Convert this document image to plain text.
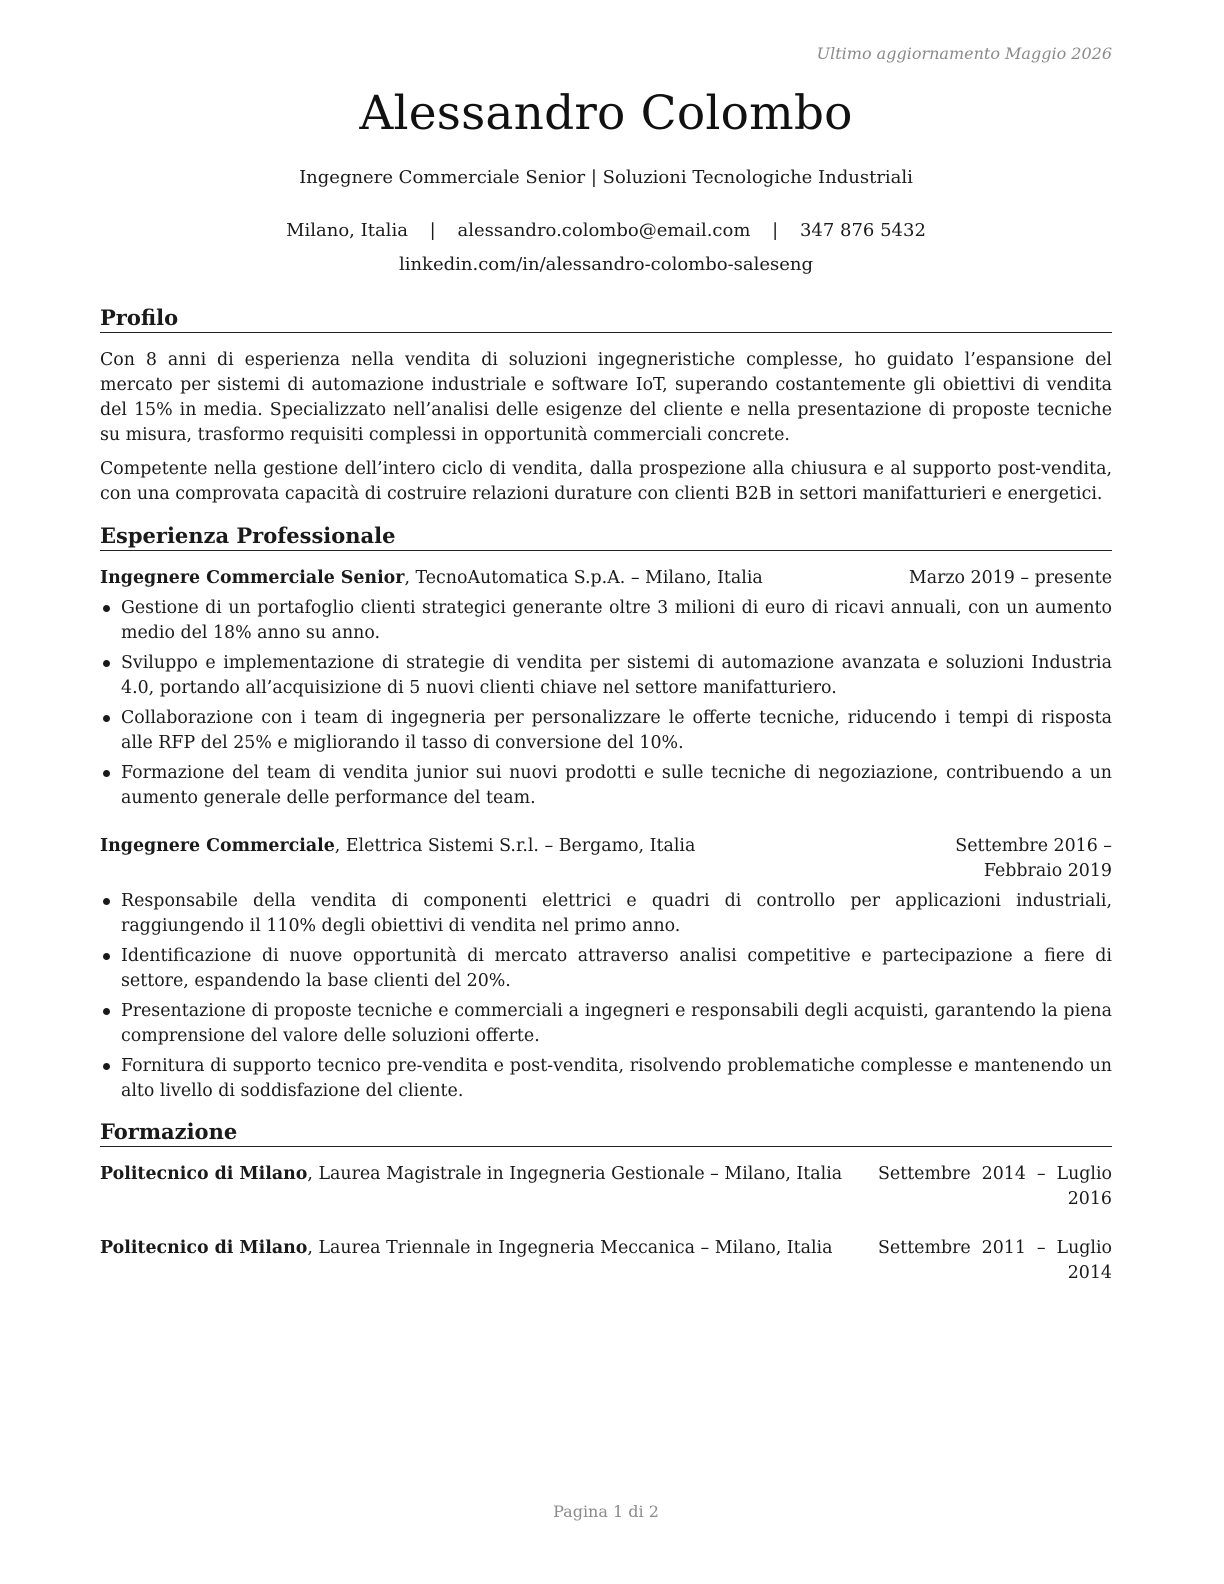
Ultimo aggiornamento Maggio 2026
Alessandro Colombo
Ingegnere Commerciale Senior | Soluzioni Tecnologiche Industriali
Milano, Italia | alessandro.colombo@email.com | 347 876 5432
linkedin.com/in/alessandro-colombo-saleseng
Profilo
Con 8 anni di esperienza nella vendita di soluzioni ingegneristiche complesse, ho guidato l’espansione del mercato per sistemi di automazione industriale e software IoT, superando costantemente gli obiettivi di vendita del 15% in media. Specializzato nell’analisi delle esigenze del cliente e nella presentazione di proposte tecniche su misura, trasformo requisiti complessi in opportunità commerciali concrete.
Competente nella gestione dell’intero ciclo di vendita, dalla prospezione alla chiusura e al supporto post-vendita, con una comprovata capacità di costruire relazioni durature con clienti B2B in settori manifatturieri e energetici.
Esperienza Professionale
Ingegnere Commerciale Senior, TecnoAutomatica S.p.A. – Milano, Italia	Marzo 2019 – presente
Gestione di un portafoglio clienti strategici generante oltre 3 milioni di euro di ricavi annuali, con un aumento medio del 18% anno su anno.
Sviluppo e implementazione di strategie di vendita per sistemi di automazione avanzata e soluzioni Industria 4.0, portando all’acquisizione di 5 nuovi clienti chiave nel settore manifatturiero.
Collaborazione con i team di ingegneria per personalizzare le offerte tecniche, riducendo i tempi di risposta alle RFP del 25% e migliorando il tasso di conversione del 10%.
Formazione del team di vendita junior sui nuovi prodotti e sulle tecniche di negoziazione, contribuendo a un aumento generale delle performance del team.
Ingegnere Commerciale, Elettrica Sistemi S.r.l. – Bergamo, Italia	Settembre 2016 – Febbraio 2019
Responsabile della vendita di componenti elettrici e quadri di controllo per applicazioni industriali, raggiungendo il 110% degli obiettivi di vendita nel primo anno.
Identificazione di nuove opportunità di mercato attraverso analisi competitive e partecipazione a fiere di settore, espandendo la base clienti del 20%.
Presentazione di proposte tecniche e commerciali a ingegneri e responsabili degli acquisti, garantendo la piena comprensione del valore delle soluzioni offerte.
Fornitura di supporto tecnico pre-vendita e post-vendita, risolvendo problematiche complesse e mantenendo un alto livello di soddisfazione del cliente.
Formazione
Politecnico di Milano, Laurea Magistrale in Ingegneria Gestionale – Milano, Italia Settembre 2014 – Luglio 2016
Politecnico di Milano, Laurea Triennale in Ingegneria Meccanica – Milano, Italia	Settembre 2011 – Luglio 2014
Pagina 1 di 2
